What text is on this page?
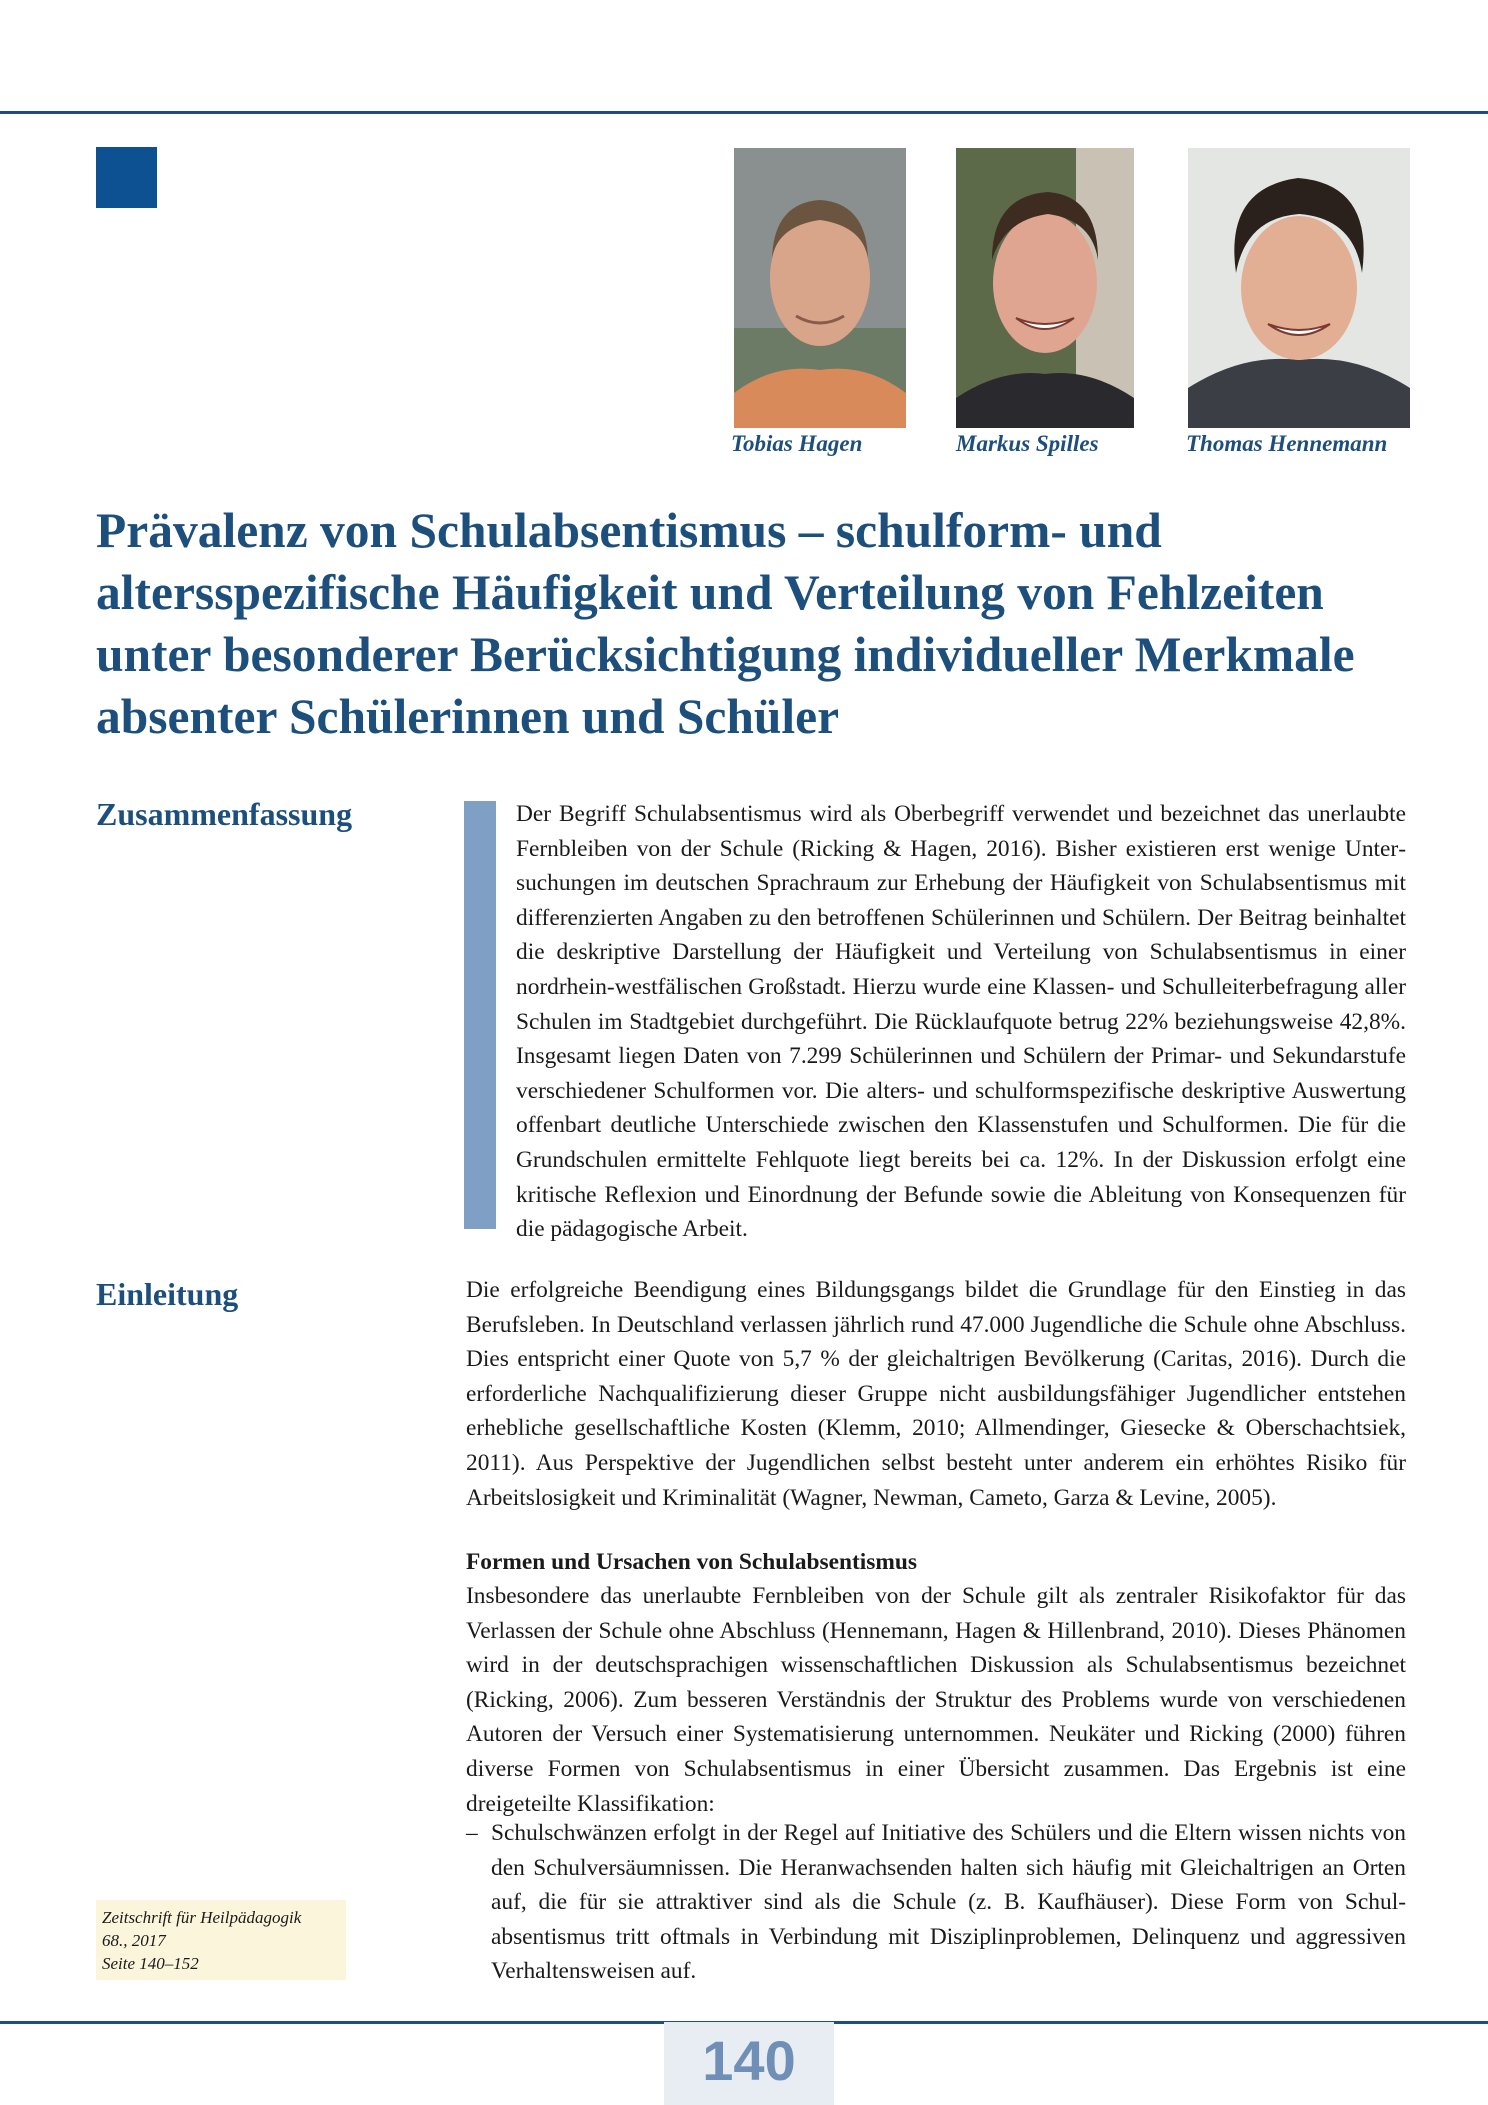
Tobias Hagen	Markus Spilles	Thomas Hennemann
Prävalenz von Schulabsentismus – schulform- und altersspezifische Häufigkeit und Verteilung von Fehlzeiten unter besonderer Berücksichtigung individueller Merkmale absenter Schülerinnen und Schüler
Zusammenfassung	Der Begriff Schulabsentismus wird als Oberbegriff verwendet und bezeichnet das unerlaubte Fernbleiben von der Schule (Ricking & Hagen, 2016). Bisher existieren erst wenige Untersuchungen im deutschen Sprachraum zur Erhebung der Häufigkeit von Schulabsentismus mit differenzierten Angaben zu den betroffenen Schülerinnen und Schülern. Der Beitrag beinhaltet die deskriptive Darstellung der Häufigkeit und Verteilung von Schulabsentismus in einer nordrhein-westfälischen Großstadt. Hierzu wurde eine Klassen- und Schulleiterbefragung aller Schulen im Stadtgebiet durchgeführt. Die Rücklaufquote betrug 22% beziehungsweise 42,8%. Insgesamt liegen Daten von 7.299 Schülerinnen und Schülern der Primar- und Sekundarstufe verschiedener Schulformen vor. Die alters- und schulformspezifische deskriptive Auswertung offenbart deutliche Unterschiede zwischen den Klassenstufen und Schulformen. Die für die Grundschulen ermittelte Fehlquote liegt bereits bei ca. 12%. In der Diskussion erfolgt eine kritische Reflexion und Einordnung der Befunde sowie die Ableitung von Konsequenzen für die pädagogische Arbeit.

Einleitung	Die erfolgreiche Beendigung eines Bildungsgangs bildet die Grundlage für den Einstieg in das Berufsleben. In Deutschland verlassen jährlich rund 47.000 Jugendliche die Schule ohne Abschluss. Dies entspricht einer Quote von 5,7 % der gleichaltrigen Bevölkerung (Caritas, 2016). Durch die erforderliche Nachqualifizierung dieser Gruppe nicht ausbildungsfähiger Jugendlicher entstehen erhebliche gesellschaftliche Kosten (Klemm, 2010; Allmendinger, Giesecke & Oberschachtsiek, 2011). Aus Perspektive der Jugendlichen selbst besteht unter anderem ein erhöhtes Risiko für Arbeitslosigkeit und Kriminalität (Wagner, Newman, Cameto, Garza & Levine, 2005).

Formen und Ursachen von Schulabsentismus

Insbesondere das unerlaubte Fernbleiben von der Schule gilt als zentraler Risikofaktor für das Verlassen der Schule ohne Abschluss (Hennemann, Hagen & Hillenbrand, 2010). Dieses Phänomen wird in der deutschsprachigen wissenschaftlichen Diskussion als Schulabsentismus bezeichnet (Ricking, 2006). Zum besseren Verständnis der Struktur des Problems wurde von verschiedenen Autoren der Versuch einer Systematisierung unternommen. Neukäter und Ricking (2000) führen diverse Formen von Schulabsentismus in einer Übersicht zusammen. Das Ergebnis ist eine dreigeteilte Klassifikation:

– Schulschwänzen erfolgt in der Regel auf Initiative des Schülers und die Eltern wissen nichts von den Schulversäumnissen. Die Heranwachsenden halten sich häufig mit Gleichaltrigen an Orten auf, die für sie attraktiver sind als die Schule (z. B. Kaufhäuser). Diese Form von Schulabsentismus tritt oftmals in Verbindung mit Disziplinproblemen, Delinquenz und aggressiven Verhaltensweisen auf.
Zeitschrift für Heilpädagogik
68., 2017
Seite 140–152
140
